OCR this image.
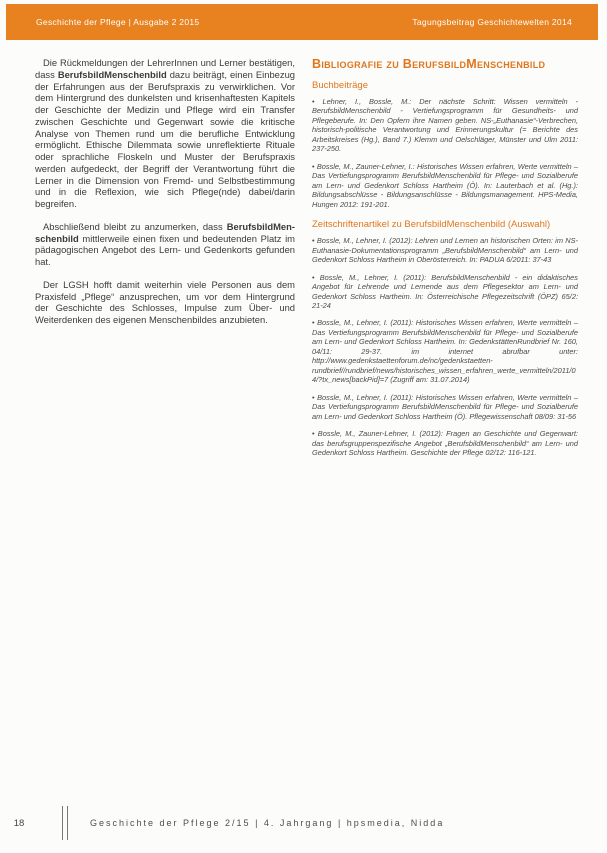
Geschichte der Pflege | Ausgabe 2 2015	Tagungsbeitrag Geschichtewelten 2014

Die Rückmeldungen der LehrerInnen und Lerner bestätigen, dass BerufsbildMenschenbild dazu beiträgt, einen Einbezug der Erfahrungen aus der Berufspraxis zu verwirklichen. Vor dem Hintergrund des dunkelsten und krisenhaftesten Kapitels der Geschichte der Medizin und Pflege wird ein Transfer zwischen Geschichte und Gegenwart sowie die kritische Analyse von Themen rund um die berufliche Entwicklung ermöglicht. Ethische Dilemmata sowie unreflektierte Rituale oder sprachliche Floskeln und Muster der Berufspraxis werden aufgedeckt, der Begriff der Verantwortung führt die Lerner in die Dimension von Fremd- und Selbstbestimmung und in die Reflexion, wie sich Pflege(nde) dabei/darin begreifen.

Abschließend bleibt zu anzumerken, dass BerufsbildMenschenbild mittlerweile einen fixen und bedeutenden Platz im pädagogischen Angebot des Lern- und Gedenkorts gefunden hat.

Der LGSH hofft damit weiterhin viele Personen aus dem Praxisfeld „Pflege“ anzusprechen, um vor dem Hintergrund der Geschichte des Schlosses, Impulse zum Über- und Weiterdenken des eigenen Menschenbildes anzubieten.

Bibliografie zu BerufsbildMenschenbild
Buchbeiträge

• Lehner, I., Bossle, M.: Der nächste Schritt: Wissen vermitteln - BerufsbildMenschenbild - Vertiefungsprogramm für Gesundheits- und Pflegeberufe. In: Den Opfern ihre Namen geben. NS-„Euthanasie“-Verbrechen, historisch-politische Verantwortung und Erinnerungskultur (= Berichte des Arbeitskreises (Hg.), Band 7.) Klemm und Oelschläger, Münster und Ulm 2011: 237-250.

• Bossle, M., Zauner-Lehner, I.: Historisches Wissen erfahren, Werte vermitteln – Das Vertiefungsprogramm BerufsbildMenschenbild für Pflege- und Sozialberufe am Lern- und Gedenkort Schloss Hartheim (Ö). In: Lauterbach et al. (Hg.): Bildungsabschlüsse - Bildungsanschlüsse - Bildungsmanagement. HPS-Media, Hungen 2012: 191-201.

Zeitschriftenartikel zu BerufsbildMenschenbild (Auswahl)

• Bossle, M., Lehner, I. (2012): Lehren und Lernen an historischen Orten: im NS-Euthanasie-Dokumentationsprogramm „BerufsbildMenschenbild“ am Lern- und Gedenkort Schloss Hartheim in Oberösterreich. In: PADUA 6/2011: 37-43

• Bossle, M., Lehner, I. (2011): BerufsbildMenschenbild - ein didaktisches Angebot für Lehrende und Lernende aus dem Pflegesektor am Lern- und Gedenkort Schloss Hartheim. In: Österreichische Pflegezeitschrift (ÖPZ) 65/2: 21-24

• Bossle, M., Lehner, I. (2011): Historisches Wissen erfahren, Werte vermitteln – Das Vertiefungsprogramm BerufsbildMenschenbild für Pflege- und Sozialberufe am Lern- und Gedenkort Schloss Hartheim. In: GedenkstättenRundbrief Nr. 160, 04/11: 29-37. im internet abrufbar unter: http://www.gedenkstaettenforum.de/nc/gedenkstaetten-rundbrief//rundbrief/news/historisches_wissen_erfahren_werte_vermitteln/2011/04/?tx_news[backPid]=7 (Zugriff am: 31.07.2014)

• Bossle, M., Lehner, I. (2011): Historisches Wissen erfahren, Werte vermitteln – Das Vertiefungsprogramm BerufsbildMenschenbild für Pflege- und Sozialberufe am Lern- und Gedenkort Schloss Hartheim (Ö). Pflegewissenschaft 08/09: 31-56

• Bossle, M., Zauner-Lehner, I. (2012): Fragen an Geschichte und Gegenwart: das berufsgruppenspezifische Angebot „BerufsbildMenschenbild“ am Lern- und Gedenkort Schloss Hartheim. Geschichte der Pflege 02/12: 116-121.

18	Geschichte der Pflege 2/15 | 4. Jahrgang | hpsmedia, Nidda
